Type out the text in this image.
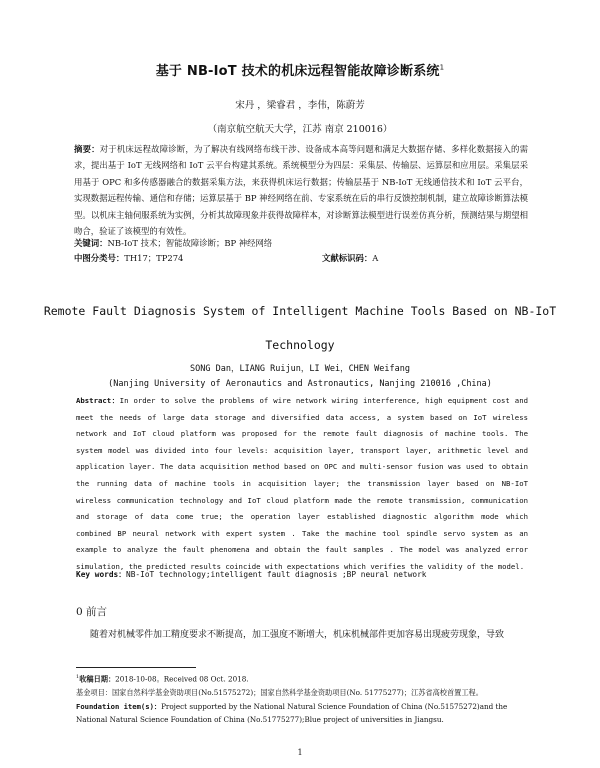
基于 NB-IoT 技术的机床远程智能故障诊断系统$^1$
宋丹 ，梁睿君 ，李伟，陈蔚芳
（南京航空航天大学，江苏 南京 210016）
摘要：对于机床远程故障诊断，为了解决有线网络布线干涉、设备成本高等问题和满足大数据存储、多样化数据接入的需求，提出基于 IoT 无线网络和 IoT 云平台构建其系统。系统模型分为四层：采集层、传输层、运算层和应用层。采集层采用基于 OPC 和多传感器融合的数据采集方法，来获得机床运行数据；传输层基于 NB-IoT 无线通信技术和 IoT 云平台，实现数据远程传输、通信和存储；运算层基于 BP 神经网络在前、专家系统在后的串行反馈控制机制，建立故障诊断算法模型。以机床主轴伺服系统为实例，分析其故障现象并获得故障样本，对诊断算法模型进行误差仿真分析，预测结果与期望相吻合，验证了该模型的有效性。
关键词：NB-IoT 技术；智能故障诊断；BP 神经网络
中图分类号：TH17；TP274	文献标识码：A
Remote Fault Diagnosis System of Intelligent Machine Tools Based on NB-IoT Technology
SONG Dan，LIANG Ruijun，LI Wei，CHEN Weifang
(Nanjing University of Aeronautics and Astronautics, Nanjing 210016 ,China)
Abstract：In order to solve the problems of wire network wiring interference, high equipment cost and meet the needs of large data storage and diversified data access, a system based on IoT wireless network and IoT cloud platform was proposed for the remote fault diagnosis of machine tools. The system model was divided into four levels: acquisition layer, transport layer, arithmetic level and application layer. The data acquisition method based on OPC and multi-sensor fusion was used to obtain the running data of machine tools in acquisition layer; the transmission layer based on NB-IoT wireless communication technology and IoT cloud platform made the remote transmission, communication and storage of data come true; the operation layer established diagnostic algorithm mode which combined BP neural network with expert system . Take the machine tool spindle servo system as an example to analyze the fault phenomena and obtain the fault samples . The model was analyzed error simulation, the predicted results coincide with expectations which verifies the validity of the model.
Key words：NB-IoT technology;intelligent fault diagnosis ;BP neural network
0 前言
随着对机械零件加工精度要求不断提高，加工强度不断增大，机床机械部件更加容易出现疲劳现象，导致
$^1$收稿日期：2018-10-08。Received 08 Oct. 2018.
基金项目：国家自然科学基金资助项目(No.51575272)；国家自然科学基金资助项目(No. 51775277)；江苏省高校首置工程。
Foundation item(s)：Project supported by the National Natural Science Foundation of China (No.51575272)and the National Natural Science Foundation of China (No.51775277);Blue project of universities in Jiangsu.
1
